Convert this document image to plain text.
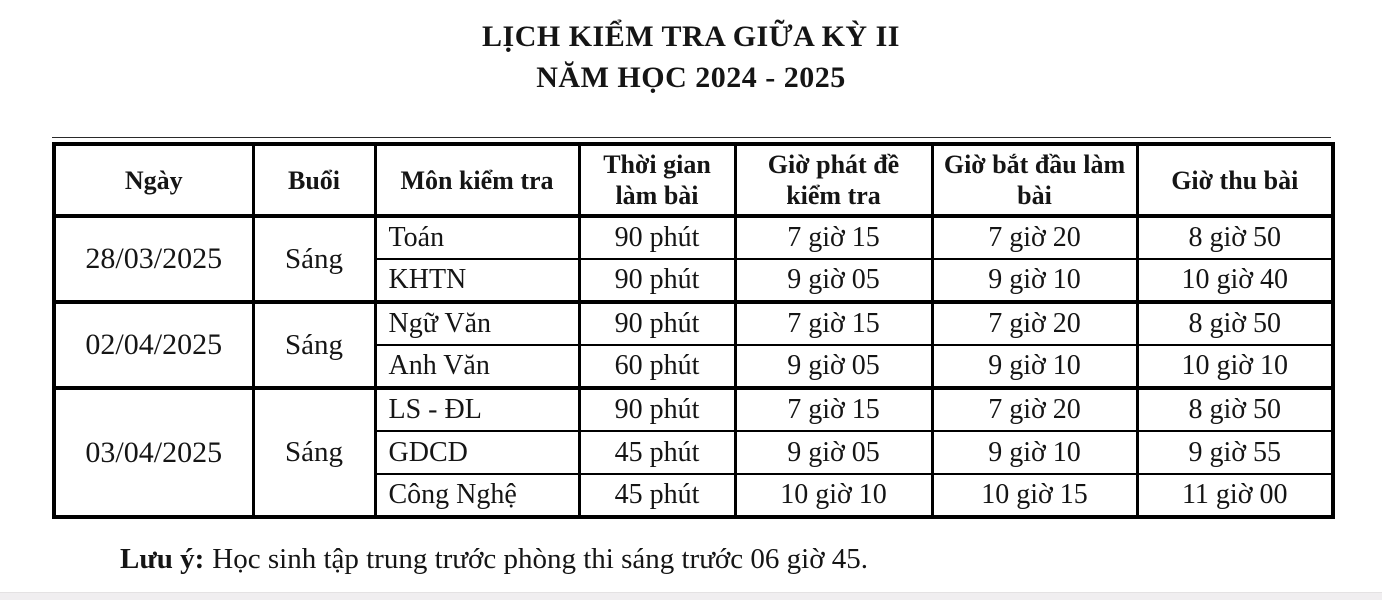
LỊCH KIỂM TRA GIỮA KỲ II
NĂM HỌC 2024 - 2025
Ngày	Buổi	Môn kiểm tra	Thời gian làm bài	Giờ phát đề kiểm tra	Giờ bắt đầu làm bài	Giờ thu bài
28/03/2025	Sáng	Toán	90 phút	7 giờ 15	7 giờ 20	8 giờ 50
		KHTN	90 phút	9 giờ 05	9 giờ 10	10 giờ 40
02/04/2025	Sáng	Ngữ Văn	90 phút	7 giờ 15	7 giờ 20	8 giờ 50
		Anh Văn	60 phút	9 giờ 05	9 giờ 10	10 giờ 10
03/04/2025	Sáng	LS - ĐL	90 phút	7 giờ 15	7 giờ 20	8 giờ 50
		GDCD	45 phút	9 giờ 05	9 giờ 10	9 giờ 55
		Công Nghệ	45 phút	10 giờ 10	10 giờ 15	11 giờ 00
Lưu ý: Học sinh tập trung trước phòng thi sáng trước 06 giờ 45.
